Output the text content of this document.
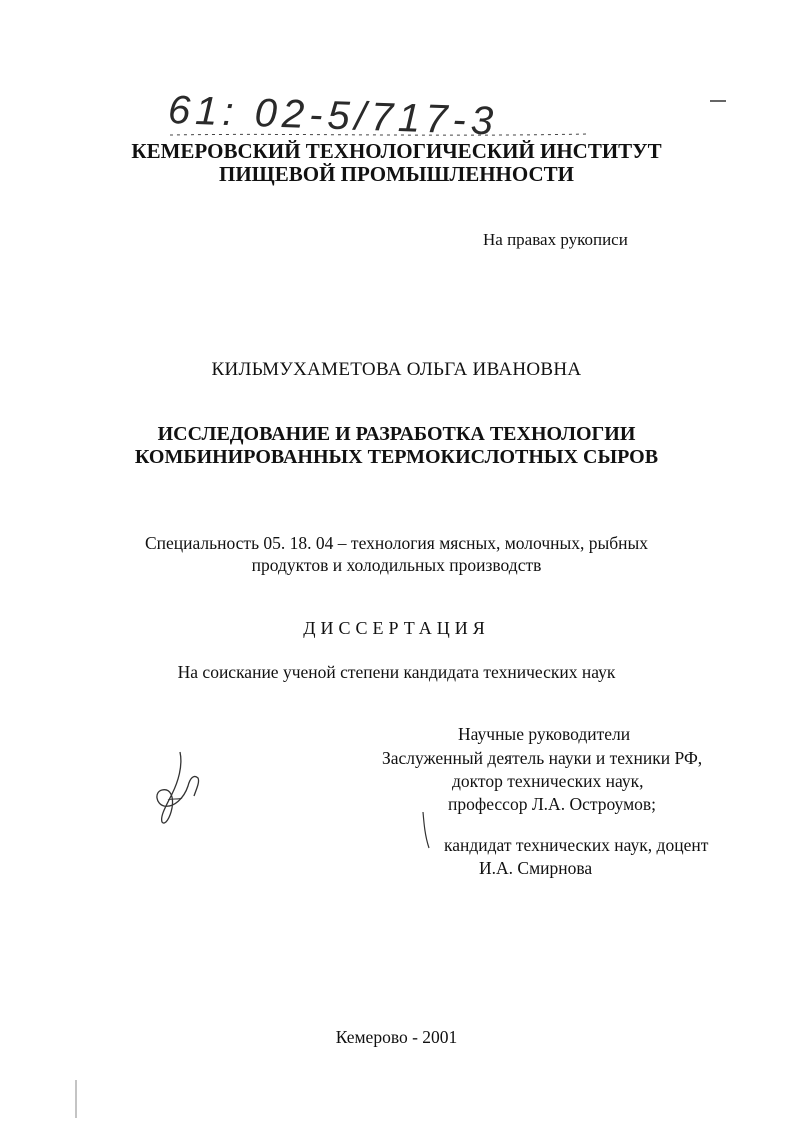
61: 02-5/717-3
КЕМЕРОВСКИЙ ТЕХНОЛОГИЧЕСКИЙ ИНСТИТУТ
ПИЩЕВОЙ ПРОМЫШЛЕННОСТИ
На правах рукописи
КИЛЬМУХАМЕТОВА ОЛЬГА ИВАНОВНА
ИССЛЕДОВАНИЕ И РАЗРАБОТКА ТЕХНОЛОГИИ
КОМБИНИРОВАННЫХ ТЕРМОКИСЛОТНЫХ СЫРОВ
Специальность 05. 18. 04 – технология мясных, молочных, рыбных
продуктов и холодильных производств
ДИССЕРТАЦИЯ
На соискание ученой степени кандидата технических наук
Научные руководители
Заслуженный деятель науки и техники РФ,
доктор технических наук,
профессор Л.А. Остроумов;
кандидат технических наук, доцент
И.А. Смирнова
Кемерово - 2001
